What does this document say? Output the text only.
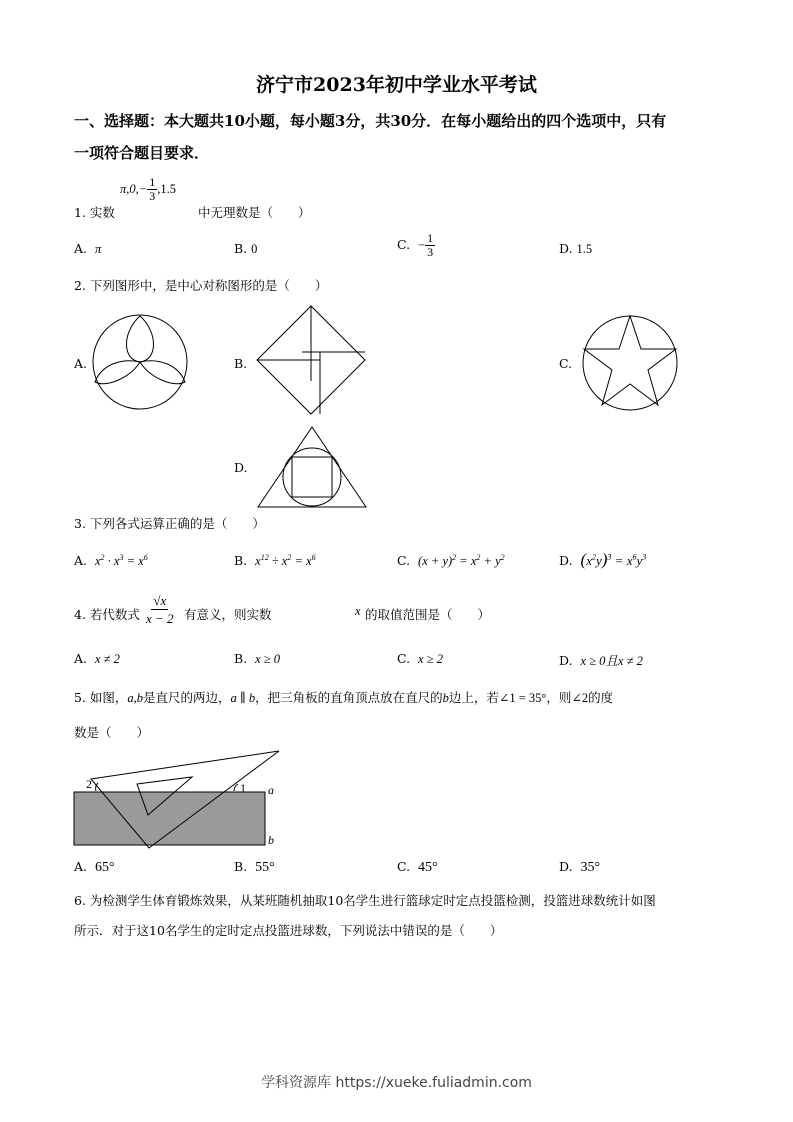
济宁市2023年初中学业水平考试
一、选择题：本大题共10小题，每小题3分，共30分．在每小题给出的四个选项中，只有
一项符合题目要求．
1. 实数
$\pi,0,- \frac{1}{3} ,1.5$
中无理数是（　　）
A. π	B. 0	C. − $\frac{1}{3}$	D. 1.5
2. 下列图形中，是中心对称图形的是（　　）
A.	B.	C.
D.
3. 下列各式运算正确的是（　　）
A. $x^2 \cdot x^3 = x^6$	B. $x^{12} \div x^2 = x^6$	C. $(x + y)^2 = x^2 + y^2$	D. $(x^2y)^3 = x^6y^3$
4. 若代数式 $\frac{√x}{x - 2}$ 有意义，则实数	x 的取值范围是（　　）
A. x ≠ 2	B. x ≥ 0	C. x ≥ 2	D. x ≥ 0且x ≠ 2
5. 如图，a,b是直尺的两边，a ∥ b，把三角板的直角顶点放在直尺的b边上，若∠1 = 35°，则∠2的度
数是（　　）
2	1 a
b
A. 65°	B. 55°	C. 45°	D. 35°
6. 为检测学生体育锻炼效果，从某班随机抽取10名学生进行篮球定时定点投篮检测，投篮进球数统计如图
所示．对于这10名学生的定时定点投篮进球数，下列说法中错误的是（　　）
学科资源库 https://xueke.fuliadmin.com
